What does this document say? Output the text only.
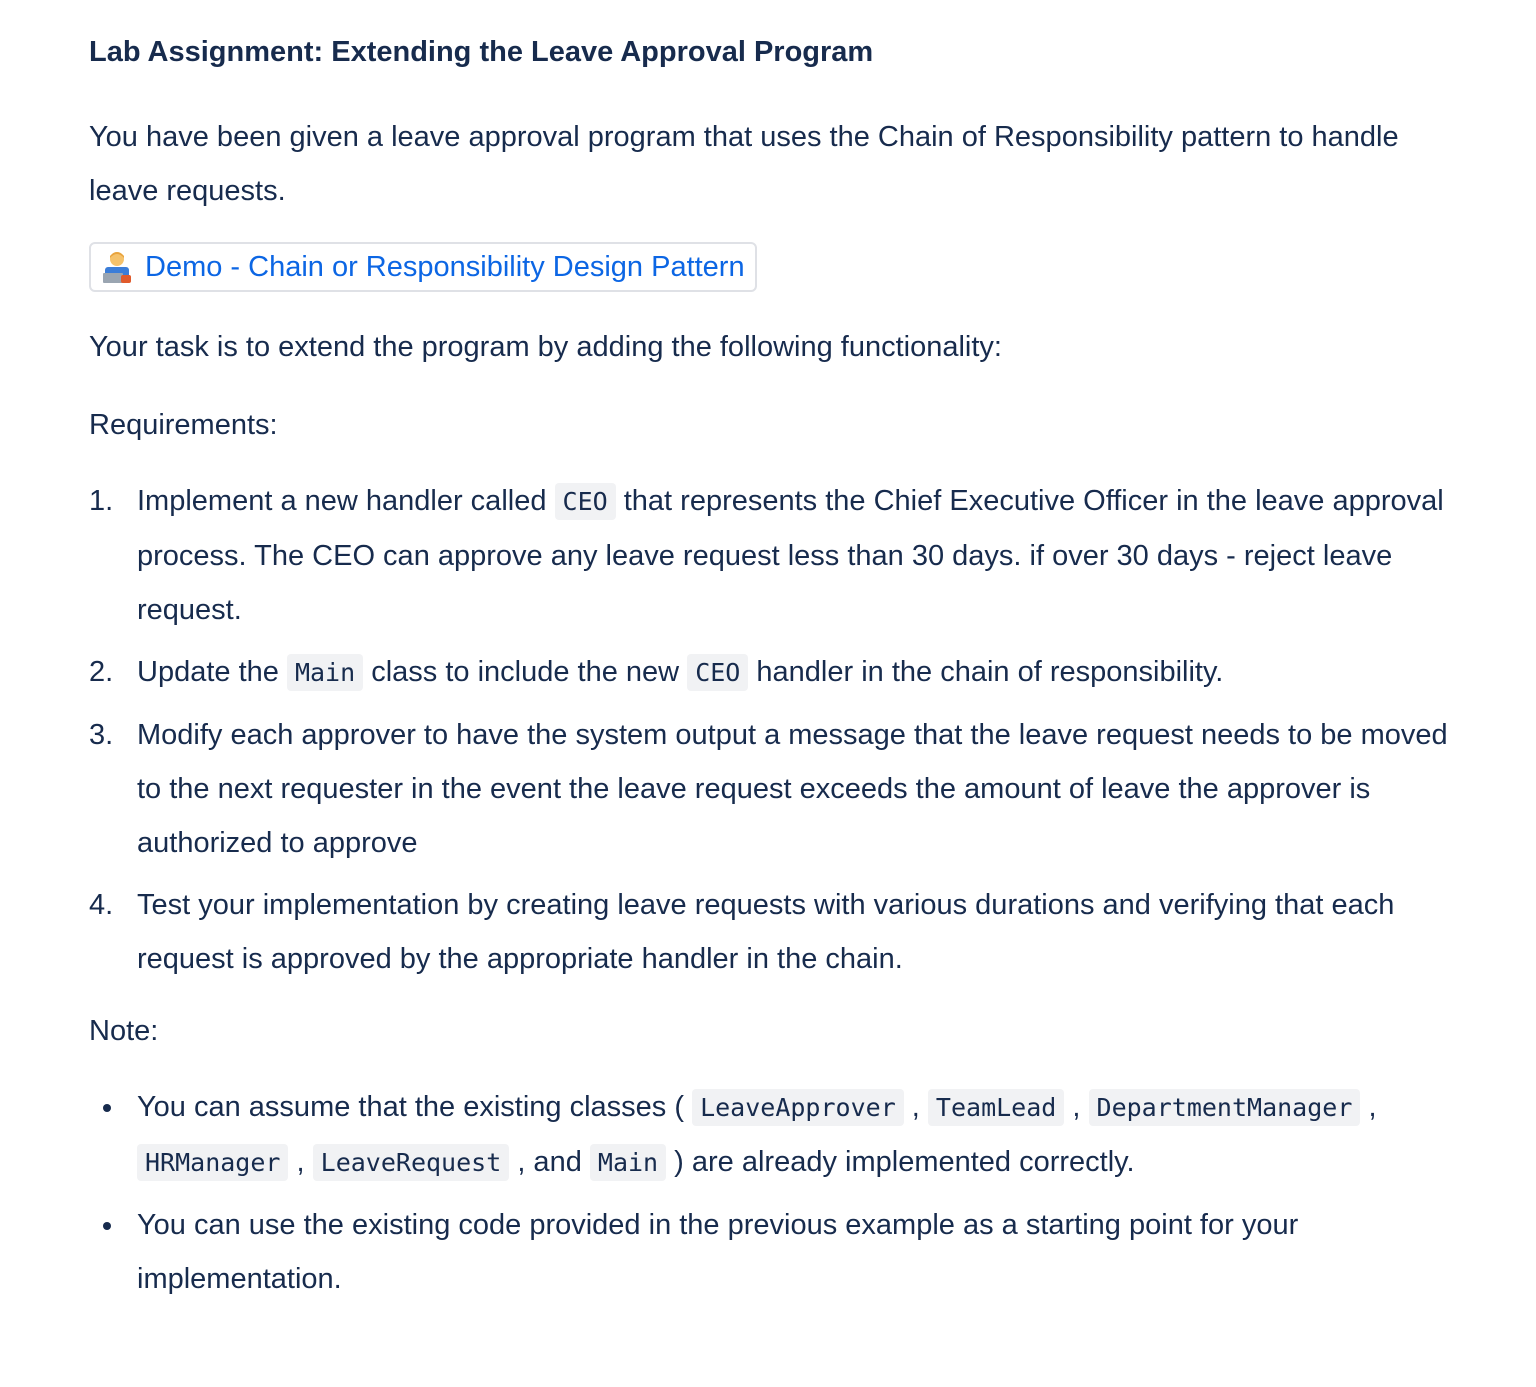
Lab Assignment: Extending the Leave Approval Program

You have been given a leave approval program that uses the Chain of Responsibility pattern to handle leave requests.

Demo - Chain or Responsibility Design Pattern

Your task is to extend the program by adding the following functionality:

Requirements:

1. Implement a new handler called CEO that represents the Chief Executive Officer in the leave approval process. The CEO can approve any leave request less than 30 days. if over 30 days - reject leave request.
2. Update the Main class to include the new CEO handler in the chain of responsibility.
3. Modify each approver to have the system output a message that the leave request needs to be moved to the next requester in the event the leave request exceeds the amount of leave the approver is authorized to approve
4. Test your implementation by creating leave requests with various durations and verifying that each request is approved by the appropriate handler in the chain.

Note:

You can assume that the existing classes ( LeaveApprover , TeamLead , DepartmentManager , HRManager , LeaveRequest , and Main ) are already implemented correctly.
You can use the existing code provided in the previous example as a starting point for your implementation.
